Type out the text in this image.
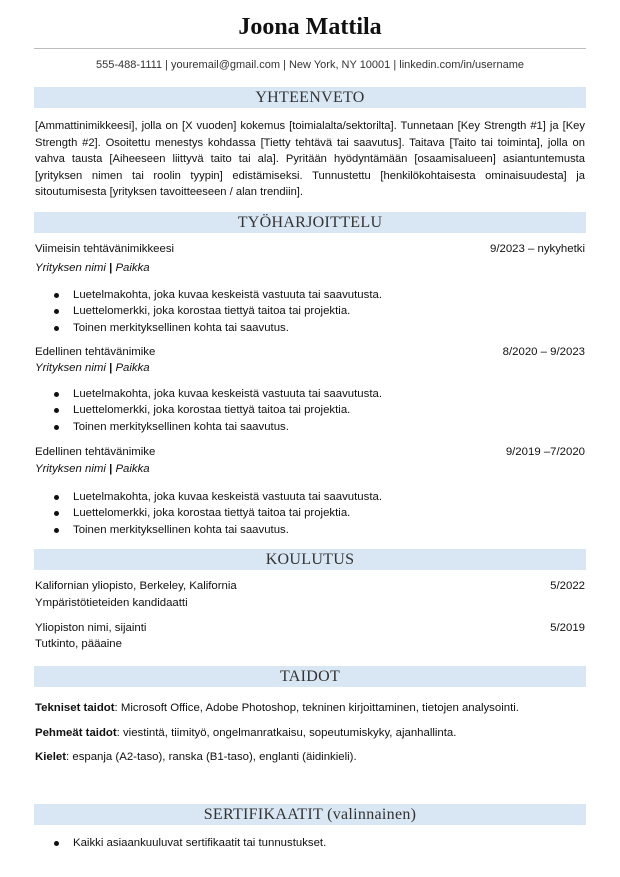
Joona Mattila
555-488-1111 | youremail@gmail.com | New York, NY 10001 | linkedin.com/in/username
YHTEENVETO
[Ammattinimikkeesi], jolla on [X vuoden] kokemus [toimialalta/sektorilta]. Tunnetaan [Key Strength #1] ja [Key Strength #2]. Osoitettu menestys kohdassa [Tietty tehtävä tai saavutus]. Taitava [Taito tai toiminta], jolla on vahva tausta [Aiheeseen liittyvä taito tai ala]. Pyritään hyödyntämään [osaamisalueen] asiantuntemusta [yrityksen nimen tai roolin tyypin] edistämiseksi. Tunnustettu [henkilökohtaisesta ominaisuudesta] ja sitoutumisesta [yrityksen tavoitteeseen / alan trendiin].
TYÖHARJOITTELU
Viimeisin tehtävänimikkeesi	9/2023 – nykyhetki
Yrityksen nimi | Paikka
Luetelmakohta, joka kuvaa keskeistä vastuuta tai saavutusta.
Luettelomerkki, joka korostaa tiettyä taitoa tai projektia.
Toinen merkityksellinen kohta tai saavutus.
Edellinen tehtävänimike	8/2020 – 9/2023
Yrityksen nimi | Paikka
Luetelmakohta, joka kuvaa keskeistä vastuuta tai saavutusta.
Luettelomerkki, joka korostaa tiettyä taitoa tai projektia.
Toinen merkityksellinen kohta tai saavutus.
Edellinen tehtävänimike	9/2019 –7/2020
Yrityksen nimi | Paikka
Luetelmakohta, joka kuvaa keskeistä vastuuta tai saavutusta.
Luettelomerkki, joka korostaa tiettyä taitoa tai projektia.
Toinen merkityksellinen kohta tai saavutus.
KOULUTUS
Kalifornian yliopisto, Berkeley, Kalifornia	5/2022
Ympäristötieteiden kandidaatti
Yliopiston nimi, sijainti	5/2019
Tutkinto, pääaine
TAIDOT
Tekniset taidot: Microsoft Office, Adobe Photoshop, tekninen kirjoittaminen, tietojen analysointi.
Pehmeät taidot: viestintä, tiimityö, ongelmanratkaisu, sopeutumiskyky, ajanhallinta.
Kielet: espanja (A2-taso), ranska (B1-taso), englanti (äidinkieli).
SERTIFIKAATIT (valinnainen)
Kaikki asiaankuuluvat sertifikaatit tai tunnustukset.
